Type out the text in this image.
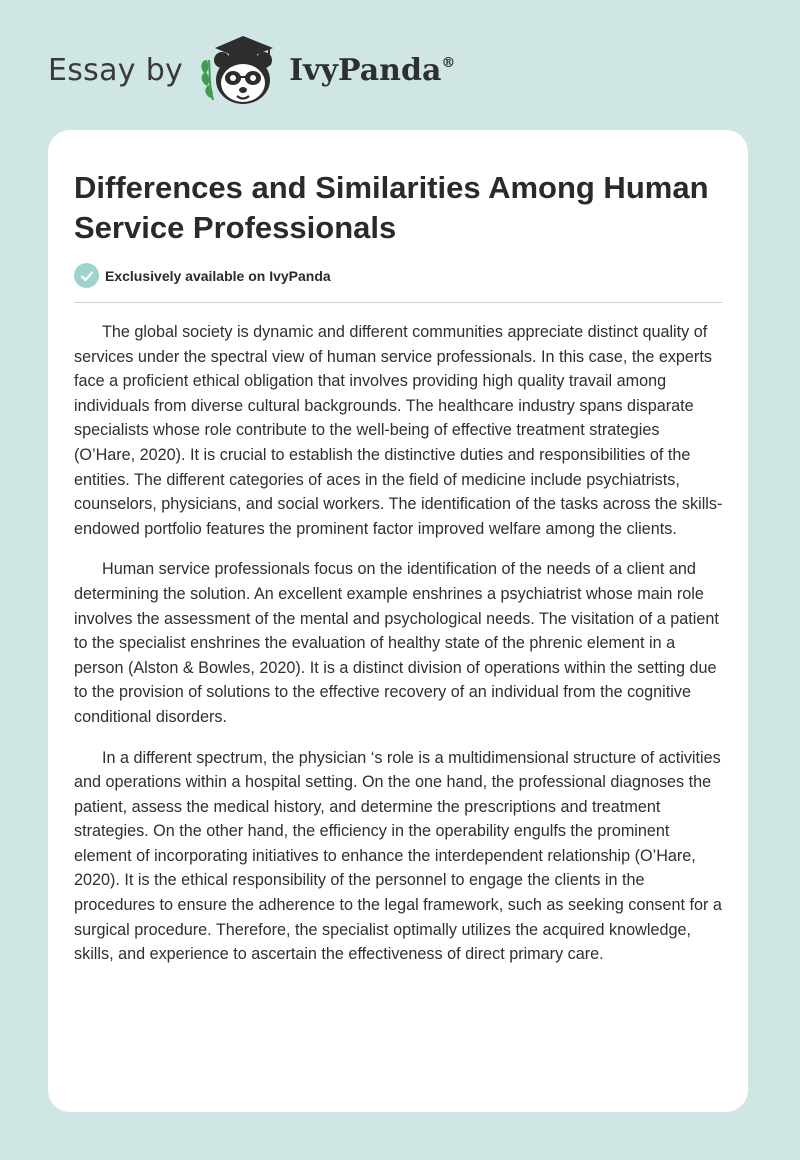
Essay by	IvyPanda®
Differences and Similarities Among Human Service Professionals
Exclusively available on IvyPanda

The global society is dynamic and different communities appreciate distinct quality of services under the spectral view of human service professionals. In this case, the experts face a proficient ethical obligation that involves providing high quality travail among individuals from diverse cultural backgrounds. The healthcare industry spans disparate specialists whose role contribute to the well-being of effective treatment strategies (O’Hare, 2020). It is crucial to establish the distinctive duties and responsibilities of the entities. The different categories of aces in the field of medicine include psychiatrists, counselors, physicians, and social workers. The identification of the tasks across the skills-endowed portfolio features the prominent factor improved welfare among the clients.

Human service professionals focus on the identification of the needs of a client and determining the solution. An excellent example enshrines a psychiatrist whose main role involves the assessment of the mental and psychological needs. The visitation of a patient to the specialist enshrines the evaluation of healthy state of the phrenic element in a person (Alston & Bowles, 2020). It is a distinct division of operations within the setting due to the provision of solutions to the effective recovery of an individual from the cognitive conditional disorders.

In a different spectrum, the physician ‘s role is a multidimensional structure of activities and operations within a hospital setting. On the one hand, the professional diagnoses the patient, assess the medical history, and determine the prescriptions and treatment strategies. On the other hand, the efficiency in the operability engulfs the prominent element of incorporating initiatives to enhance the interdependent relationship (O’Hare, 2020). It is the ethical responsibility of the personnel to engage the clients in the procedures to ensure the adherence to the legal framework, such as seeking consent for a surgical procedure. Therefore, the specialist optimally utilizes the acquired knowledge, skills, and experience to ascertain the effectiveness of direct primary care.
